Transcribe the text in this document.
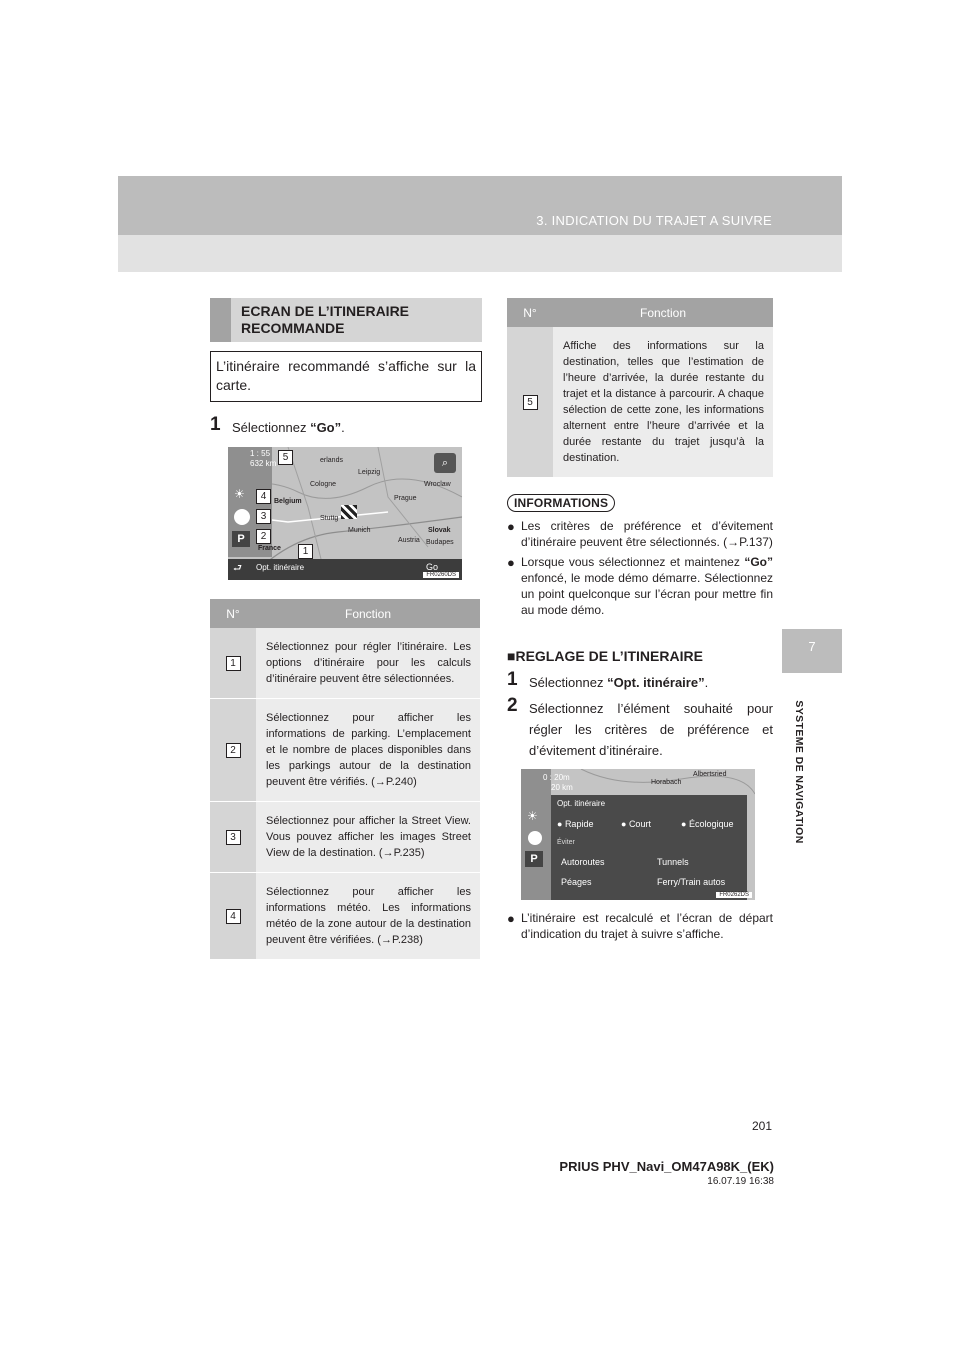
3. INDICATION DU TRAJET A SUIVRE
7
SYSTEME DE NAVIGATION
ECRAN DE L’ITINERAIRE RECOMMANDE
L’itinéraire recommandé s’affiche sur la carte.
1 Sélectionnez “Go”.
1 : 55
632 km	erlands
Leipzig
Cologne	Wroclaw
Prague
Belgium
Stuttg
Munich	Slovak
Austria Budapes
France
⌕
☀
P
⮐ Opt. itinéraire	Go
5
4
3
2
1
FR0260DS
N°	Fonction
1	Sélectionnez pour régler l’itinéraire. Les options d’itinéraire pour les calculs d’itinéraire peuvent être sélectionnées.
2	Sélectionnez pour afficher les informations de parking. L’emplacement et le nombre de places disponibles dans les parkings autour de la destination peuvent être vérifiés. (→P.240)
3	Sélectionnez pour afficher la Street View. Vous pouvez afficher les images Street View de la destination. (→P.235)
4	Sélectionnez pour afficher les informations météo. Les informations météo de la zone autour de la destination peuvent être vérifiées. (→P.238)
N°	Fonction
5	Affiche des informations sur la destination, telles que l’estimation de l’heure d’arrivée, la durée restante du trajet et la distance à parcourir. A chaque sélection de cette zone, les informations alternent entre l’heure d’arrivée et la durée restante du trajet jusqu’à la destination.
INFORMATIONS
● Les critères de préférence et d’évitement d’itinéraire peuvent être sélectionnés. (→P.137)
● Lorsque vous sélectionnez et maintenez “Go” enfoncé, le mode démo démarre. Sélectionnez un point quelconque sur l’écran pour mettre fin au mode démo.
■REGLAGE DE L’ITINERAIRE
1 Sélectionnez “Opt. itinéraire”.
2 Sélectionnez l’élément souhaité pour régler les critères de préférence et d’évitement d’itinéraire.
0 : 20m
20 km
Albertsried
Horabach
Opt. itinéraire
● Rapide	● Court	● Écologique
Éviter
Autoroutes	Tunnels
Péages	Ferry/Train autos
☀
P
FR0262DS
● L’itinéraire est recalculé et l’écran de départ d’indication du trajet à suivre s’affiche.
201
PRIUS PHV_Navi_OM47A98K_(EK)
16.07.19 16:38
